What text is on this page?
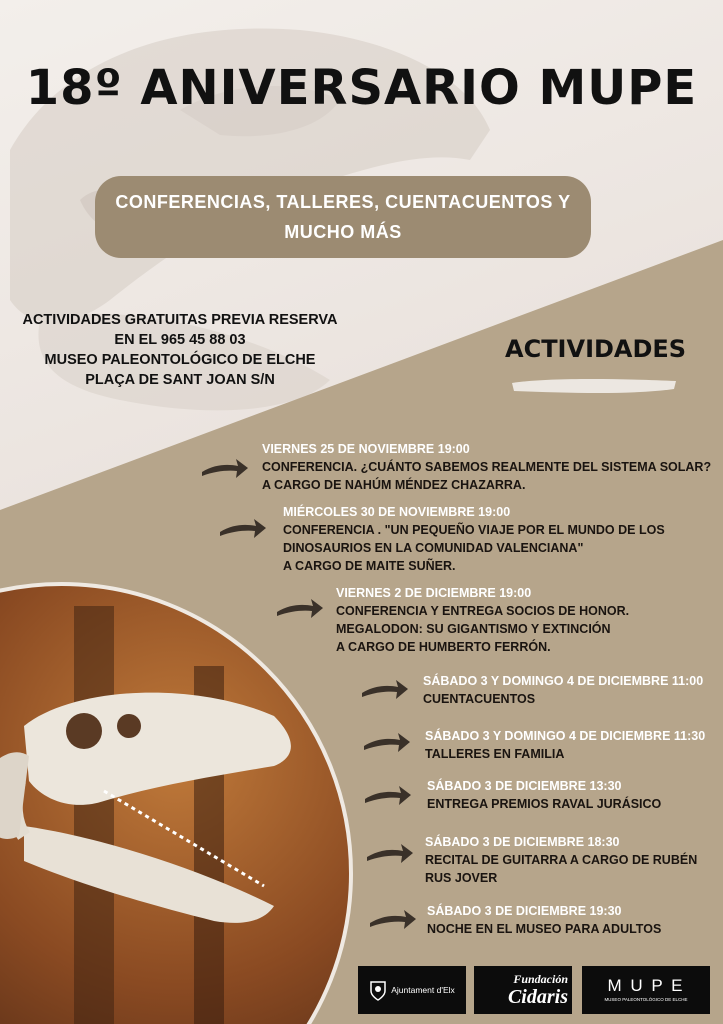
18º ANIVERSARIO MUPE
CONFERENCIAS, TALLERES, CUENTACUENTOS Y MUCHO MÁS
ACTIVIDADES GRATUITAS PREVIA RESERVA
EN EL 965 45 88 03
MUSEO PALEONTOLÓGICO DE ELCHE
PLAÇA DE SANT JOAN S/N
ACTIVIDADES
VIERNES 25 DE NOVIEMBRE 19:00
CONFERENCIA. ¿CUÁNTO SABEMOS REALMENTE DEL SISTEMA SOLAR?
A CARGO DE NAHÚM MÉNDEZ CHAZARRA.
MIÉRCOLES 30 DE NOVIEMBRE 19:00
CONFERENCIA . "UN PEQUEÑO VIAJE POR EL MUNDO DE LOS
DINOSAURIOS EN LA COMUNIDAD VALENCIANA"
A CARGO DE MAITE SUÑER.
VIERNES 2 DE DICIEMBRE 19:00
CONFERENCIA Y ENTREGA SOCIOS DE HONOR.
MEGALODON: SU GIGANTISMO Y EXTINCIÓN
A CARGO DE HUMBERTO FERRÓN.
SÁBADO 3 Y DOMINGO 4 DE DICIEMBRE 11:00
CUENTACUENTOS
SÁBADO 3 Y DOMINGO 4 DE DICIEMBRE 11:30
TALLERES EN FAMILIA
SÁBADO 3 DE DICIEMBRE 13:30
ENTREGA PREMIOS RAVAL JURÁSICO
SÁBADO 3 DE DICIEMBRE 18:30
RECITAL DE GUITARRA A CARGO DE RUBÉN
RUS JOVER
SÁBADO 3 DE DICIEMBRE 19:30
NOCHE EN EL MUSEO PARA ADULTOS
Ajuntament d'Elx
Fundación
Cidaris
M U P E
MUSEO PALEONTOLÓGICO DE ELCHE
